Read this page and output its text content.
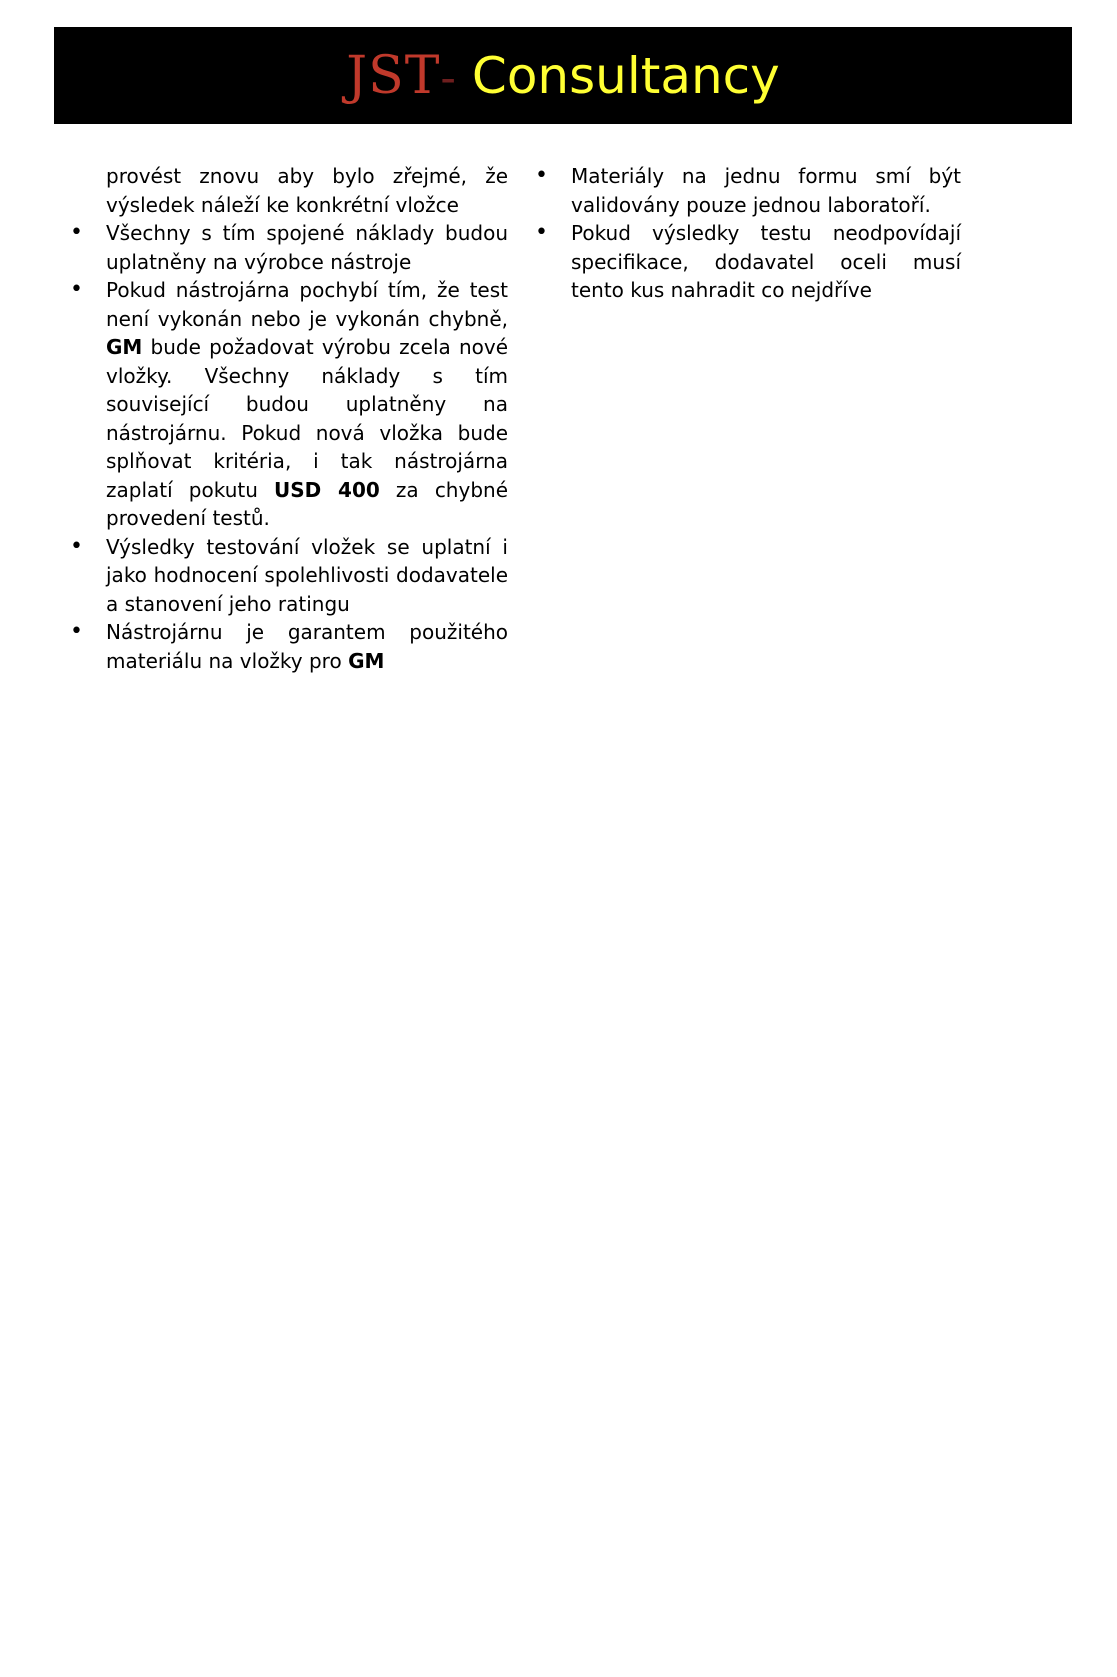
JST - Consultancy

provést znovu aby bylo zřejmé, že výsledek náleží ke konkrétní vložce

• Všechny s tím spojené náklady budou uplatněny na výrobce nástroje

• Pokud nástrojárna pochybí tím, že test není vykonán nebo je vykonán chybně, GM bude požadovat výrobu zcela nové vložky. Všechny náklady s tím související budou uplatněny na nástrojárnu. Pokud nová vložka bude splňovat kritéria, i tak nástrojárna zaplatí pokutu USD 400 za chybné provedení testů.

• Výsledky testování vložek se uplatní i jako hodnocení spolehlivosti dodavatele a stanovení jeho ratingu

• Nástrojárnu je garantem použitého materiálu na vložky pro GM

• Materiály na jednu formu smí být validovány pouze jednou laboratoří.

• Pokud výsledky testu neodpovídají specifikace, dodavatel oceli musí tento kus nahradit co nejdříve
